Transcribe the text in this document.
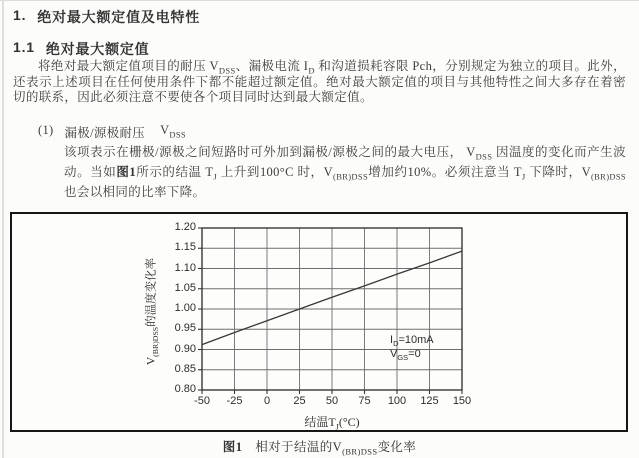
1. 绝对最大额定值及电特性
1.1 绝对最大额定值
将绝对最大额定值项目的耐压 $V_{DSS}$、漏极电流 $I_D$ 和沟道损耗容限 Pch，分别规定为独立的项目。此外，还表示上述项目在任何使用条件下都不能超过额定值。绝对最大额定值的项目与其他特性之间大多存在着密切的联系，因此必须注意不要使各个项目同时达到最大额定值。
(1) 漏极/源极耐压 $V_{DSS}$
该项表示在栅极/源极之间短路时可外加到漏极/源极之间的最大电压， $V_{DSS}$ 因温度的变化而产生波动。当如图1所示的结温 $T_J$ 上升到100°C 时，$V_{(BR)DSS}$增加约10%。必须注意当 $T_J$ 下降时，$V_{(BR)DSS}$也会以相同的比率下降。
$V_{(BR)DSS}$的温度变化率
结温$T_J(^\circ C)$
$I_D=10mA$
$V_{GS}=0$
0.80
0.85
0.90
0.95
1.00
1.05
1.10
1.15
1.20
-50	-25	0	25	50	75	100	125	150
图1　相对于结温的$V_{(BR)DSS}$变化率
